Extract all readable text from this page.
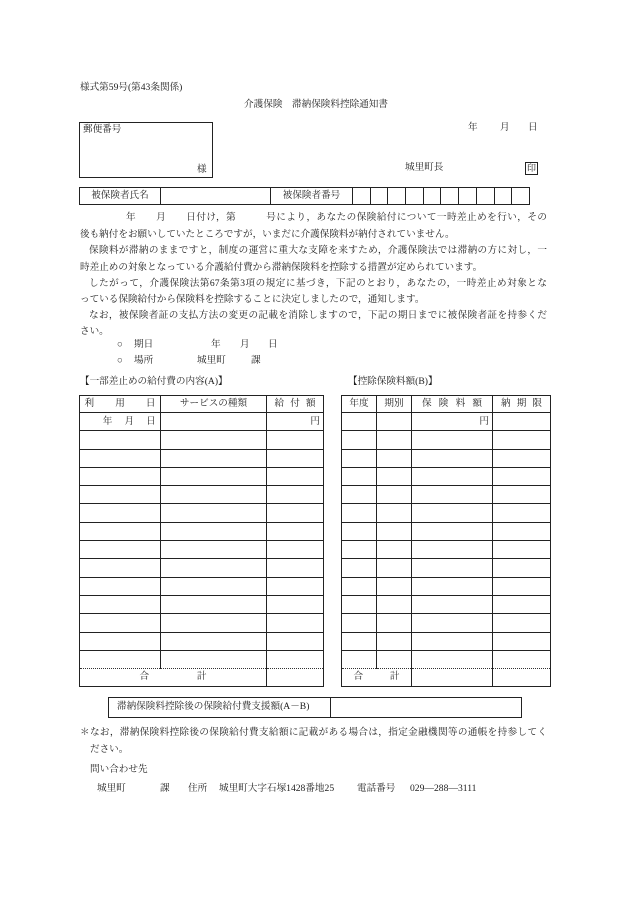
様式第59号(第43条関係)
介護保険　滞納保険料控除通知書
郵便番号
様
年 月 日
城里町長	印
被保険者氏名		被保険者番号										
年　　月　　日付け，第　　　号により，あなたの保険給付について一時差止めを行い，その
後も納付をお願いしていたところですが，いまだに介護保険料が納付されていません。
保険料が滞納のままですと，制度の運営に重大な支障を来すため，介護保険法では滞納の方に対し，一
時差止めの対象となっている介護給付費から滞納保険料を控除する措置が定められています。
したがって，介護保険法第67条第3項の規定に基づき，下記のとおり，あなたの，一時差止め対象とな
っている保険給付から保険料を控除することに決定しましたので，通知します。
なお，被保険者証の支払方法の変更の記載を消除しますので，下記の期日までに被保険者証を持参くだ
さい。
○ 期日	年 月 日
○ 場所	城里町	課
【一部差止めの給付費の内容(A)】	【控除保険料額(B)】
利用日	サービスの種類	給付額
年　月　日		円

合計		
年度	期別	保険料額	納期限
		円	

合計			
滞納保険料控除後の保険給付費支援額(A－B)	
＊なお，滞納保険料控除後の保険給付費支給額に記載がある場合は，指定金融機関等の通帳を持参してく
ださい。
問い合わせ先
城里町	課 住所 城里町大字石塚1428番地25 電話番号 029―288―3111
